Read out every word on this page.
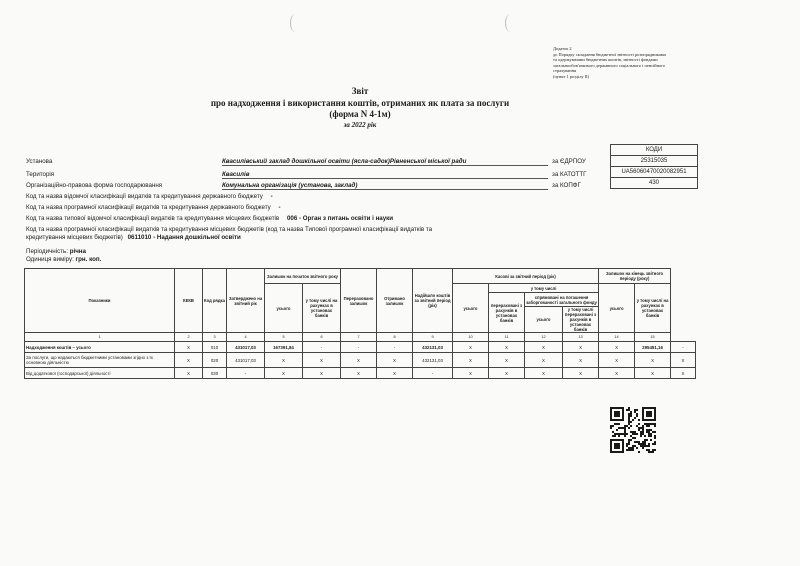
Додаток 2
до Порядку складання бюджетної звітності розпорядниками
та одержувачами бюджетних коштів, звітності фондами
загальнообов'язкового державного соціального і пенсійного
страхування
(пункт 1 розділу II)
Звіт
про надходження і використання коштів, отриманих як плата за послуги
(форма N 4-1м)
за 2022 рік
КОДИ
25315035
UA56060470020082951
430
Установа	Квасилівський заклад дошкільної освіти (ясла-садок)Рівненської міської ради	за ЄДРПОУ
Територія	Квасилів	за КАТОТТГ
Організаційно-правова форма господарювання	Комунальна організація (установа, заклад)	за КОПФГ
Код та назва відомчої класифікації видатків та кредитування державного бюджету -
Код та назва програмної класифікації видатків та кредитування державного бюджету -
Код та назва типової відомчої класифікації видатків та кредитування місцевих бюджетів 006 - Орган з питань освіти і науки
Код та назва програмної класифікації видатків та кредитування місцевих бюджетів (код та назва Типової програмної класифікації видатків та
кредитування місцевих бюджетів) 0611010 - Надання дошкільної освіти
Періодичність: річна
Одиниця виміру: грн. коп.
Показники	КЕКВ	Код рядка	Затверджено на звітний рік	Залишок на початок звітного року		Перераховано залишок	Отримано залишок	Надійшло коштів за звітний період (рік)	Касові за звітний період (рік)				Залишок на кінець звітного періоду (року)		
				усього	у тому числі на рахунках в установах банків				усього	у тому числі			усього	у тому числі на рахунках в установах банків	
										перераховані з рахунків в установах банків	спрямовані на погашення заборгованості загального фонду				
											усього	у тому числі перераховані з рахунків в установах банків			
1	2	3	4	5	6	7	8	9	10	11	12	13	14	15	
Надходження коштів – усього	X	010	431017,03	167391,84	-	-	-	432131,03	X	X	X	X	X	295451,16	-
За послуги, що надаються бюджетними установами згідно з їх основною діяльністю	X	020	431017,03	X	X	X	X	432131,03	X	X	X	X	X	X	X
Від додаткової (господарської) діяльності	X	030	-	X	X	X	X	-	X	X	X	X	X	X	X
